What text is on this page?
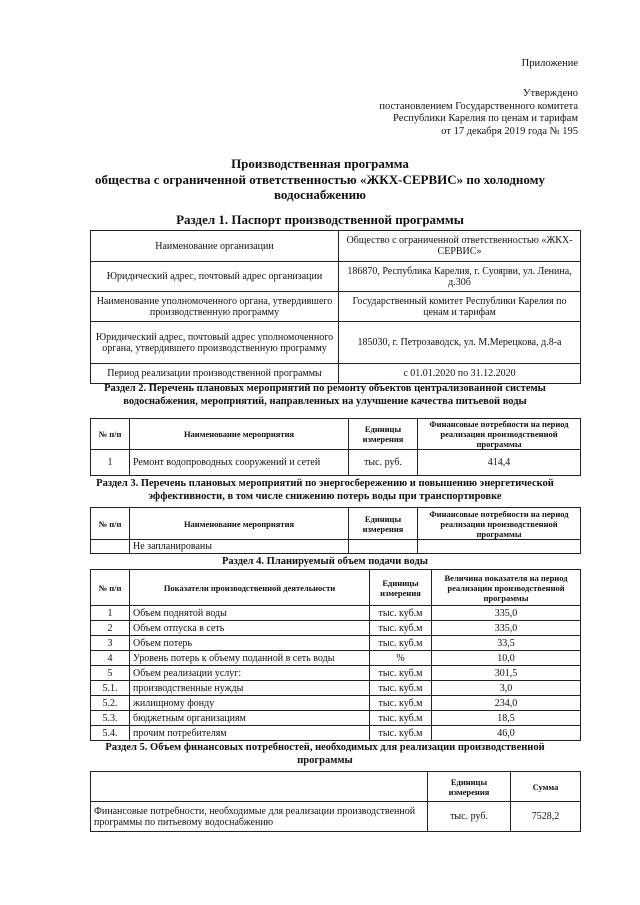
Приложение
Утверждено
постановлением Государственного комитета
Республики Карелия по ценам и тарифам
от 17 декабря 2019 года № 195
Производственная программа
общества с ограниченной ответственностью «ЖКХ-СЕРВИС» по холодному
водоснабжению
Раздел 1. Паспорт производственной программы
Наименование организации	Общество с ограниченной ответственностью «ЖКХ-СЕРВИС»
Юридический адрес, почтовый адрес организации	186870, Республика Карелия, г. Суоярви, ул. Ленина, д.30б
Наименование уполномоченного органа, утвердившего производственную программу	Государственный комитет Республики Карелия по ценам и тарифам
Юридический адрес, почтовый адрес уполномоченного органа, утвердившего производственную программу	185030, г. Петрозаводск, ул. М.Мерецкова, д.8-а
Период реализации производственной программы	с 01.01.2020 по 31.12.2020
Раздел 2. Перечень плановых мероприятий по ремонту объектов централизованной системы водоснабжения, мероприятий, направленных на улучшение качества питьевой воды
№ п/п	Наименование мероприятия	Единицы измерения	Финансовые потребности на период реализации производственной программы
1	Ремонт водопроводных сооружений и сетей	тыс. руб.	414,4
Раздел 3. Перечень плановых мероприятий по энергосбережению и повышению энергетической эффективности, в том числе снижению потерь воды при транспортировке
№ п/п	Наименование мероприятия	Единицы измерения	Финансовые потребности на период реализации производственной программы
	Не запланированы		
Раздел 4. Планируемый объем подачи воды
№ п/п	Показатели производственной деятельности	Единицы измерения	Величина показателя на период реализации производственной программы
1	Объем поднятой воды	тыс. куб.м	335,0
2	Объем отпуска в сеть	тыс. куб.м	335,0
3	Объем потерь	тыс. куб.м	33,5
4	Уровень потерь к объему поданной в сеть воды	%	10,0
5	Объем реализации услуг:	тыс. куб.м	301,5
5.1.	производственные нужды	тыс. куб.м	3,0
5.2.	жилищному фонду	тыс. куб.м	234,0
5.3.	бюджетным организациям	тыс. куб.м	18,5
5.4.	прочим потребителям	тыс. куб.м	46,0
Раздел 5. Объем финансовых потребностей, необходимых для реализации производственной программы
	Единицы измерения	Сумма
Финансовые потребности, необходимые для реализации производственной программы по питьевому водоснабжению	тыс. руб.	7528,2
